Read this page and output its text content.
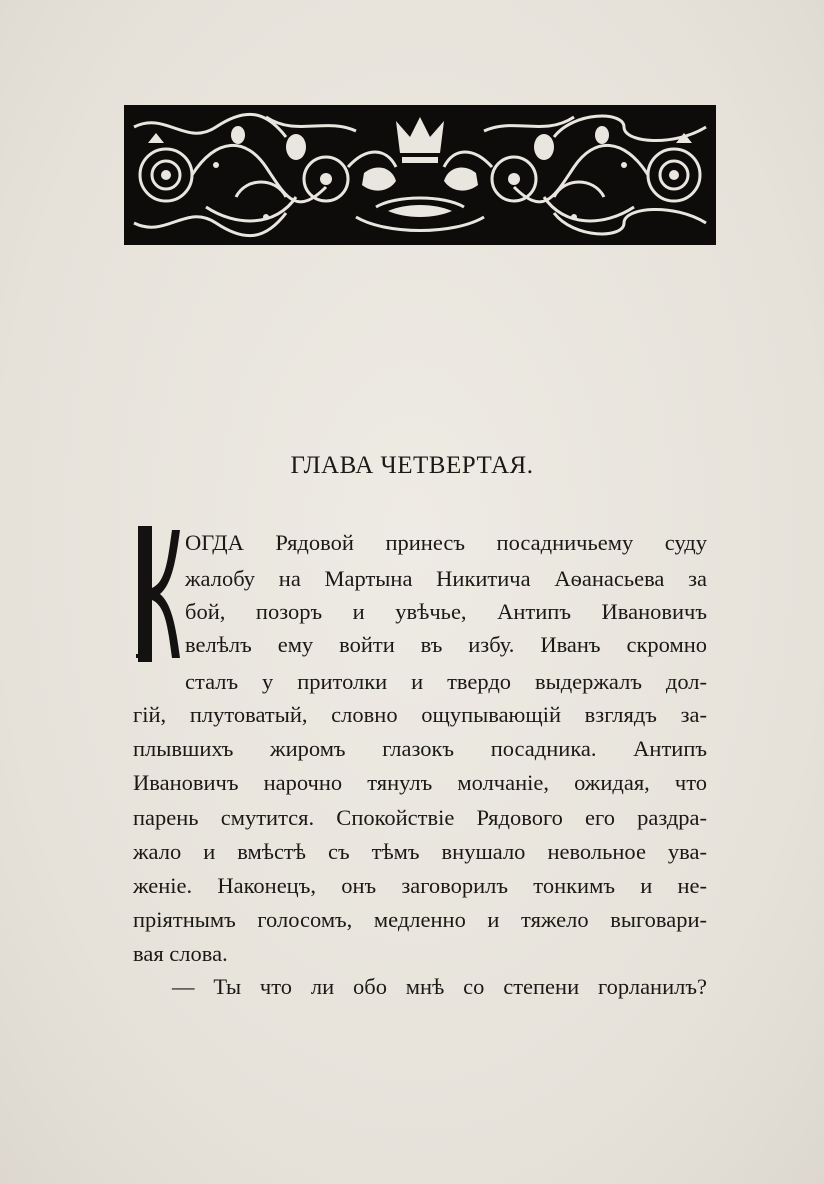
ГЛАВА ЧЕТВЕРТАЯ.
ОГДА Рядовой принесъ посадничьему суду
жалобу на Мартына Никитича Аѳанасьева за
бой, позоръ и увѣчье, Антипъ Ивановичъ
велѣлъ ему войти въ избу. Иванъ скромно
сталъ у притолки и твердо выдержалъ дол-
гій, плутоватый, словно ощупывающій взглядъ за-
плывшихъ жиромъ глазокъ посадника. Антипъ
Ивановичъ нарочно тянулъ молчаніе, ожидая, что
парень смутится. Спокойствіе Рядового его раздра-
жало и вмѣстѣ съ тѣмъ внушало невольное ува-
женіе. Наконецъ, онъ заговорилъ тонкимъ и не-
пріятнымъ голосомъ, медленно и тяжело выговари-
вая слова.
— Ты что ли обо мнѣ со степени горланилъ?
